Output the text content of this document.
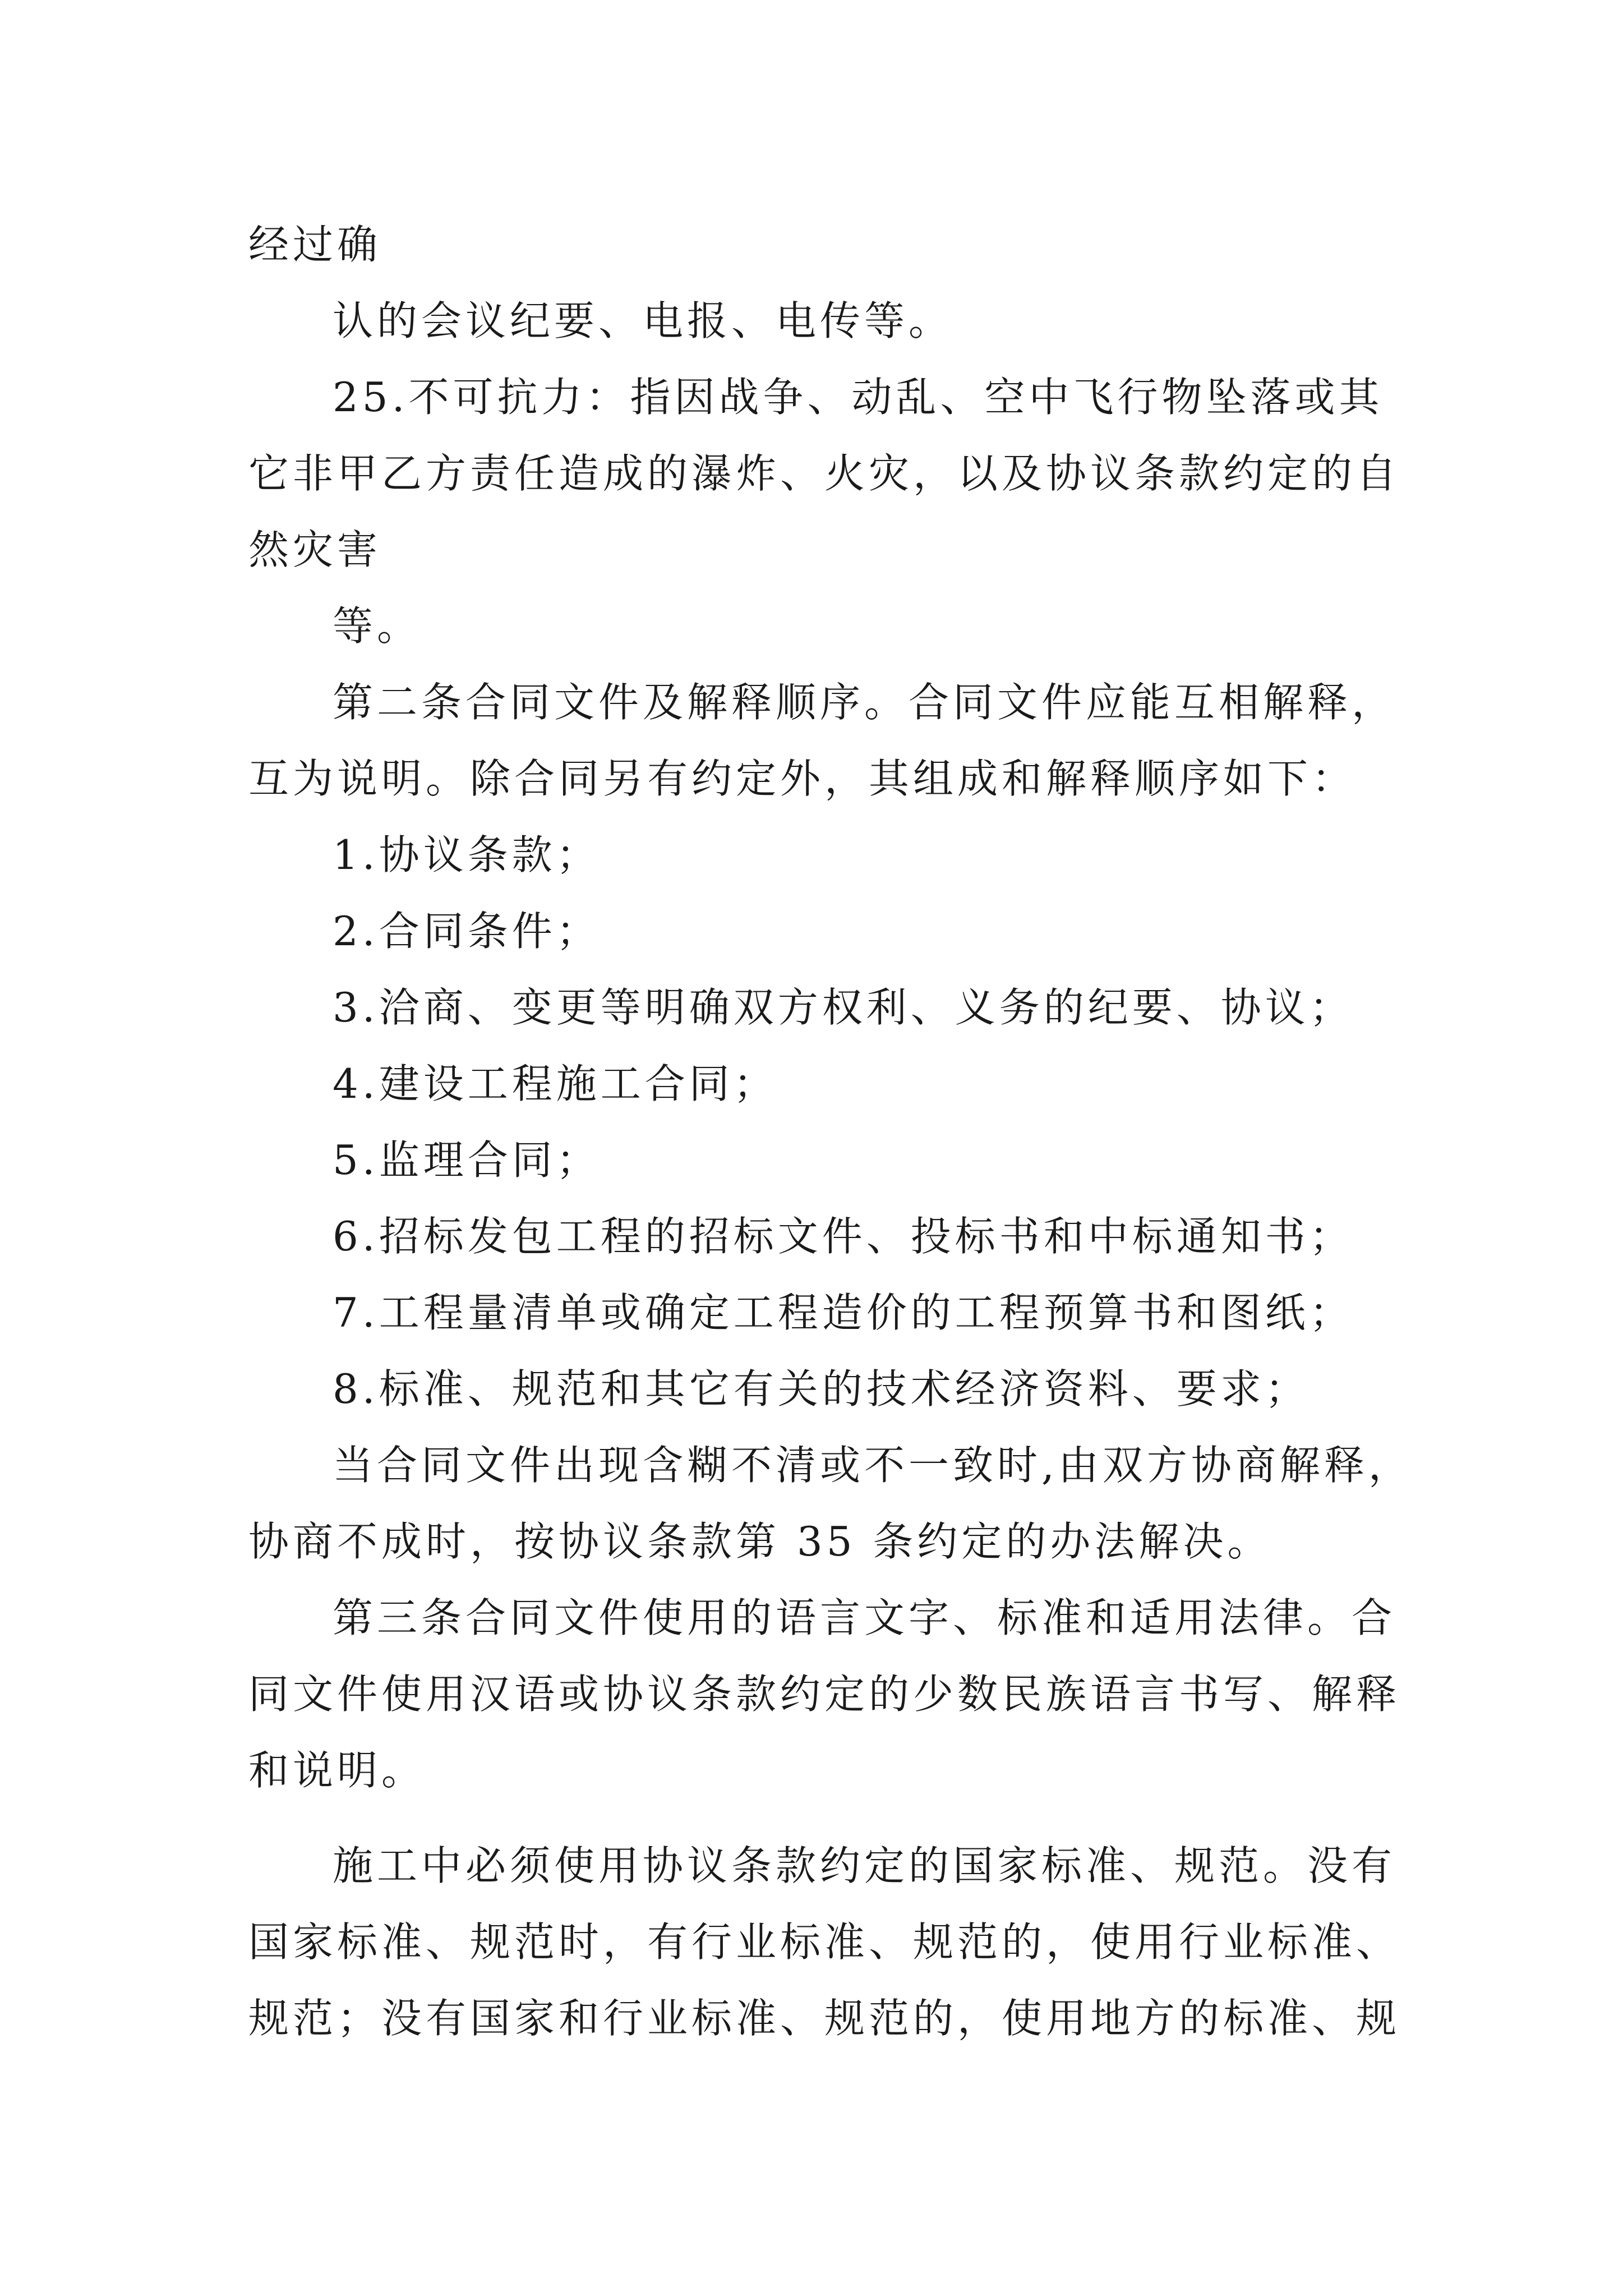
经过确
认的会议纪要、电报、电传等。
25.不可抗力：指因战争、动乱、空中飞行物坠落或其
它非甲乙方责任造成的瀑炸、火灾，以及协议条款约定的自
然灾害
等。
第二条合同文件及解释顺序。合同文件应能互相解释，
互为说明。除合同另有约定外，其组成和解释顺序如下：
1.协议条款；
2.合同条件；
3.洽商、变更等明确双方权利、义务的纪要、协议；
4.建设工程施工合同；
5.监理合同；
6.招标发包工程的招标文件、投标书和中标通知书；
7.工程量清单或确定工程造价的工程预算书和图纸；
8.标准、规范和其它有关的技术经济资料、要求；
当合同文件出现含糊不清或不一致时,由双方协商解释，
协商不成时，按协议条款第 35 条约定的办法解决。
第三条合同文件使用的语言文字、标准和适用法律。合
同文件使用汉语或协议条款约定的少数民族语言书写、解释
和说明。
施工中必须使用协议条款约定的国家标准、规范。没有
国家标准、规范时，有行业标准、规范的，使用行业标准、
规范；没有国家和行业标准、规范的，使用地方的标准、规
